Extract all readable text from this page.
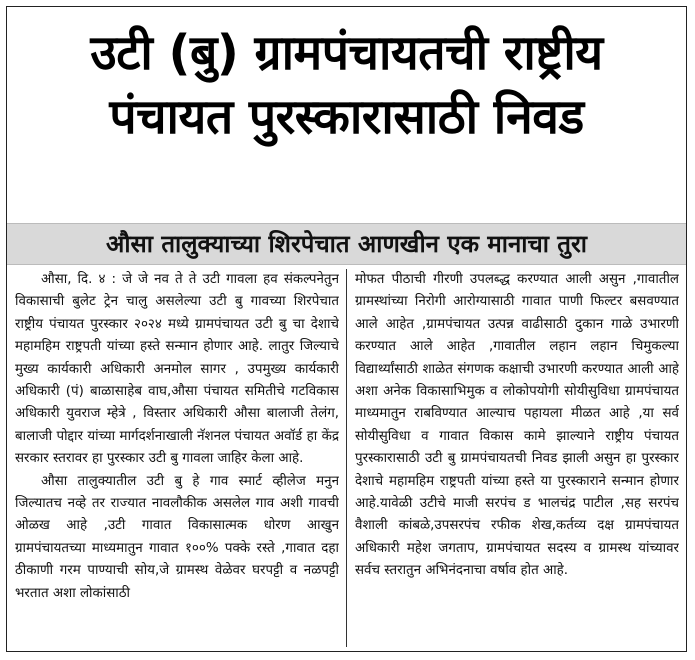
उटी (बु) ग्रामपंचायतची राष्ट्रीय
पंचायत पुरस्कारासाठी निवड
औसा तालुक्याच्या शिरपेचात आणखीन एक मानाचा तुरा

औसा, दि. ४ : जे जे नव ते ते उटी गावला हव संकल्पनेतुन विकासाची बुलेट ट्रेन चालु असलेल्या उटी बु गावच्या शिरपेचात राष्ट्रीय पंचायत पुरस्कार २०२४ मध्ये ग्रामपंचायत उटी बु चा देशाचे महामहिम राष्ट्रपती यांच्या हस्ते सन्मान होणार आहे. लातुर जिल्याचे मुख्य कार्यकारी अधिकारी अनमोल सागर , उपमुख्य कार्यकारी अधिकारी (पं) बाळासाहेब वाघ,औसा पंचायत समितीचे गटविकास अधिकारी युवराज म्हेत्रे , विस्तार अधिकारी औसा बालाजी तेलंग, बालाजी पोद्दार यांच्या मार्गदर्शनाखाली नॅशनल पंचायत अवॉर्ड हा केंद्र सरकार स्तरावर हा पुरस्कार उटी बु गावला जाहिर केला आहे.

औसा तालुक्यातील उटी बु हे गाव स्मार्ट व्हीलेज मनुन जिल्यातच नव्हे तर राज्यात नावलौकीक असलेल गाव अशी गावची ओळख आहे ,उटी गावात विकासात्मक धोरण आखुन ग्रामपंचायतच्या माध्यमातुन गावात १००% पक्के रस्ते ,गावात दहा ठीकाणी गरम पाण्याची सोय,जे ग्रामस्थ वेळेवर घरपट्टी व नळपट्टी भरतात अशा लोकांसाठी

मोफत पीठाची गीरणी उपलब्द्ध करण्यात आली असुन ,गावातील ग्रामस्थांच्या निरोगी आरोग्यासाठी गावात पाणी फिल्टर बसवण्यात आले आहेत ,ग्रामपंचायत उत्पन्न वाढीसाठी दुकान गाळे उभारणी करण्यात आले आहेत ,गावातील लहान लहान चिमुकल्या विद्यार्थ्यांसाठी शाळेत संगणक कक्षाची उभारणी करण्यात आली आहे अशा अनेक विकासाभिमुक व लोकोपयोगी सोयीसुविधा ग्रामपंचायत माध्यमातुन राबविण्यात आल्याच पहायला मीळत आहे ,या सर्व सोयीसुविधा व गावात विकास कामे झाल्याने राष्ट्रीय पंचायत पुरस्कारासाठी उटी बु ग्रामपंचायतची निवड झाली असुन हा पुरस्कार देशाचे महामहिम राष्ट्रपती यांच्या हस्ते या पुरस्काराने सन्मान होणार आहे.यावेळी उटीचे माजी सरपंच ड भालचंद्र पाटील ,सह सरपंच वैशाली कांबळे,उपसरपंच रफीक शेख,कर्तव्य दक्ष ग्रामपंचायत अधिकारी महेश जगताप, ग्रामपंचायत सदस्य व ग्रामस्थ यांच्यावर सर्वच स्तरातुन अभिनंदनाचा वर्षाव होत आहे.
